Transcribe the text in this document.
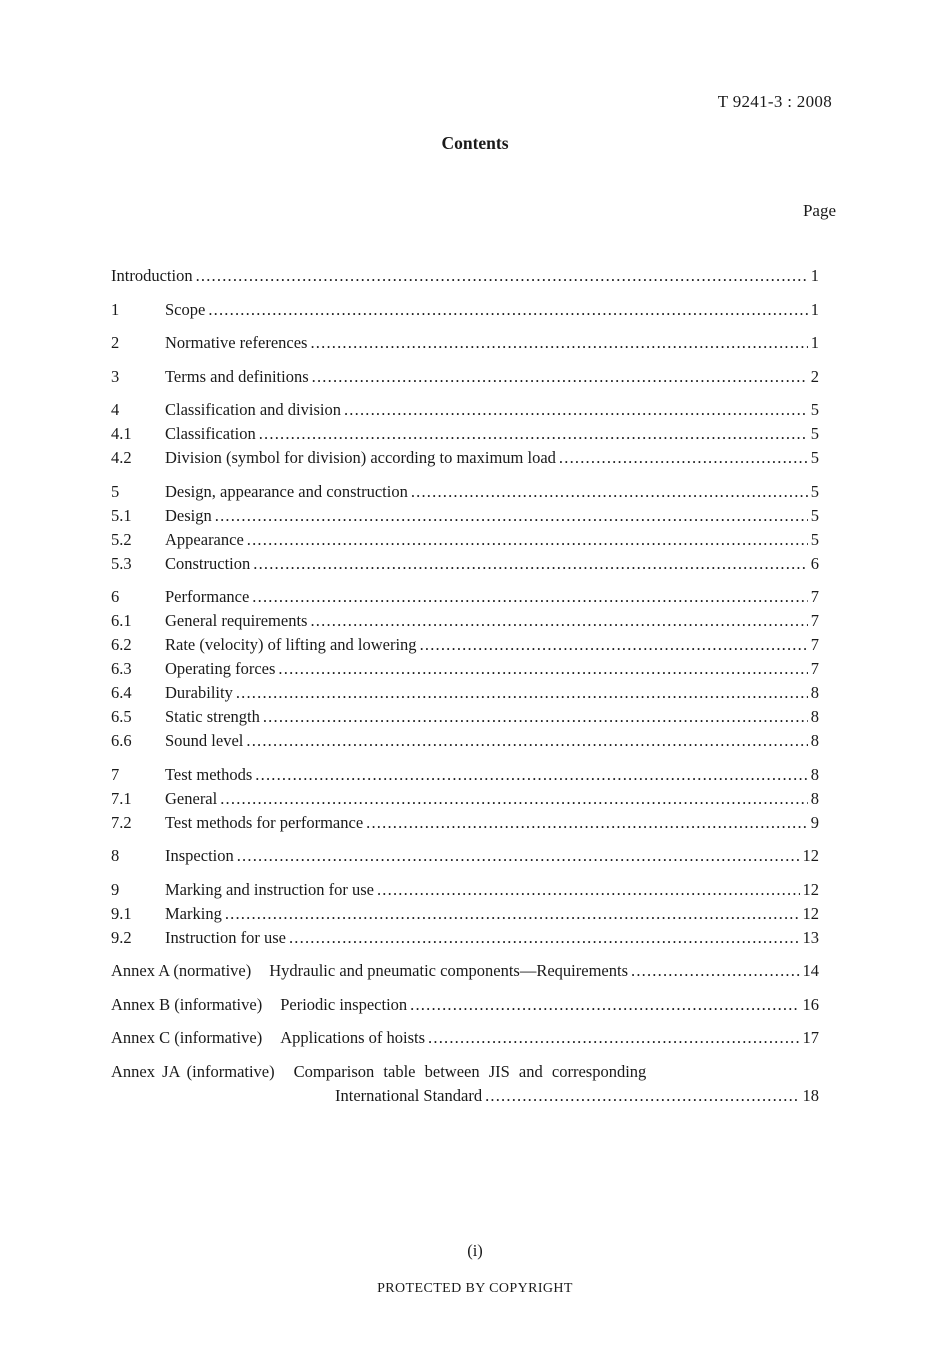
T 9241-3 : 2008
Contents
Page
Introduction .....	1
1	Scope .....	1
2	Normative references .....	1
3	Terms and definitions .....	2
4	Classification and division .....	5
4.1	Classification .....	5
4.2	Division (symbol for division) according to maximum load .....	5
5	Design, appearance and construction .....	5
5.1	Design .....	5
5.2	Appearance .....	5
5.3	Construction .....	6
6	Performance .....	7
6.1	General requirements .....	7
6.2	Rate (velocity) of lifting and lowering .....	7
6.3	Operating forces .....	7
6.4	Durability .....	8
6.5	Static strength .....	8
6.6	Sound level .....	8
7	Test methods .....	8
7.1	General .....	8
7.2	Test methods for performance .....	9
8	Inspection .....	12
9	Marking and instruction for use .....	12
9.1	Marking .....	12
9.2	Instruction for use .....	13
Annex A (normative)	Hydraulic and pneumatic components—Requirements .....	14
Annex B (informative)	Periodic inspection .....	16
Annex C (informative)	Applications of hoists .....	17
Annex JA (informative)	Comparison table between JIS and corresponding
International Standard .....	18
(i)
PROTECTED BY COPYRIGHT
